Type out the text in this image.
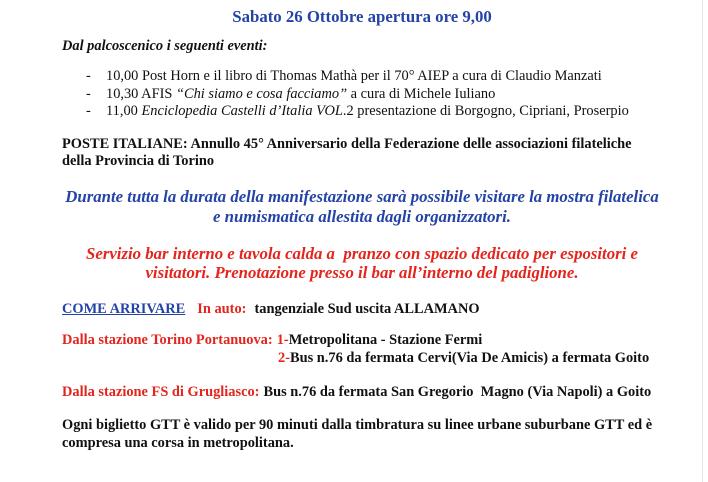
Sabato 26 Ottobre apertura ore 9,00
Dal palcoscenico i seguenti eventi:
- 10,00 Post Horn e il libro di Thomas Mathà per il 70° AIEP a cura di Claudio Manzati
- 10,30 AFIS “Chi siamo e cosa facciamo” a cura di Michele Iuliano
- 11,00 Enciclopedia Castelli d’Italia VOL.2 presentazione di Borgogno, Cipriani, Proserpio
POSTE ITALIANE: Annullo 45° Anniversario della Federazione delle associazioni filateliche
della Provincia di Torino
Durante tutta la durata della manifestazione sarà possibile visitare la mostra filatelica
e numismatica allestita dagli organizzatori.
Servizio bar interno e tavola calda a  pranzo con spazio dedicato per espositori e
visitatori. Prenotazione presso il bar all’interno del padiglione.
COME ARRIVARE In auto: tangenziale Sud uscita ALLAMANO
Dalla stazione Torino Portanuova: 1-Metropolitana - Stazione Fermi
2-Bus n.76 da fermata Cervi(Via De Amicis) a fermata Goito
Dalla stazione FS di Grugliasco: Bus n.76 da fermata San Gregorio  Magno (Via Napoli) a Goito
Ogni biglietto GTT è valido per 90 minuti dalla timbratura su linee urbane suburbane GTT ed è
compresa una corsa in metropolitana.
